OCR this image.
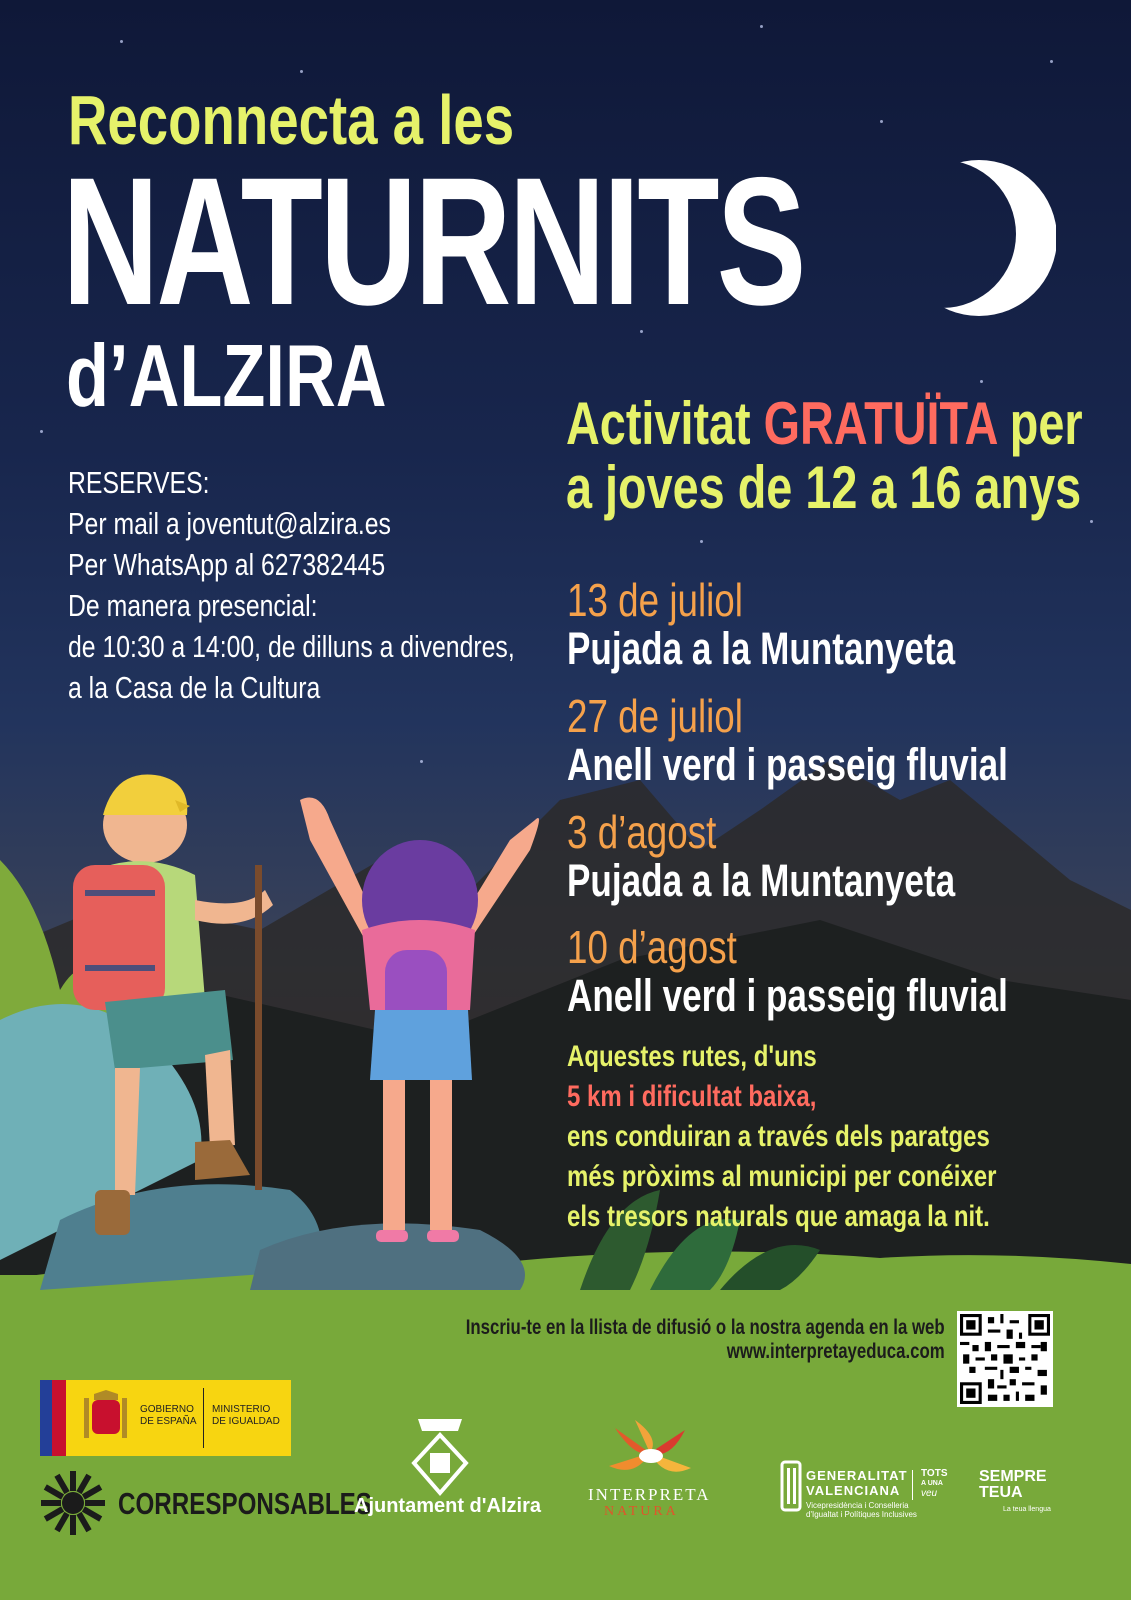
Reconnecta a les
NATURNITS
d’ALZIRA
RESERVES:
Per mail a joventut@alzira.es
Per WhatsApp al 627382445
De manera presencial:
de 10:30 a 14:00, de dilluns a divendres,
a la Casa de la Cultura
Activitat GRATUÏTA per
a joves de 12 a 16 anys
13 de juliol
Pujada a la Muntanyeta
27 de juliol
Anell verd i passeig fluvial
3 d’agost
Pujada a la Muntanyeta
10 d’agost
Anell verd i passeig fluvial
Aquestes rutes, d'uns
5 km i dificultat baixa,
ens conduiran a través dels paratges
més pròxims al municipi per conéixer
els tresors naturals que amaga la nit.
Inscriu-te en la llista de difusió o la nostra agenda en la web
www.interpretayeduca.com
GOBIERNO
DE ESPAÑA
MINISTERIO
DE IGUALDAD
CORRESPONSABLES
Ajuntament d'Alzira
INTERPRETA
NATURA
GENERALITAT
VALENCIANA
Vicepresidència i Conselleria
d'Igualtat i Polítiques Inclusives
TOTS
A UNA
veu
SEMPRE
TEUA
La teua llengua
